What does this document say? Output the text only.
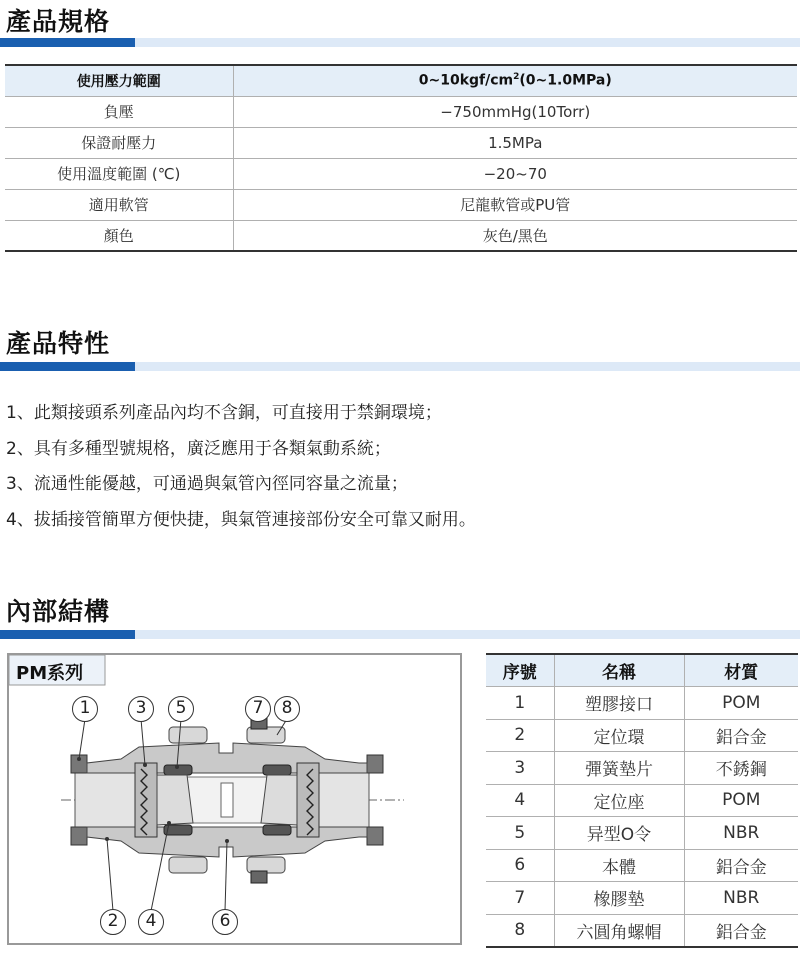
產品規格
使用壓力範圍	$0\sim 10kgf/cm^2(0\sim 1.0MPa)$
負壓	−750mmHg(10Torr)
保證耐壓力	1.5MPa
使用溫度範圍 (℃)	−20~70
適用軟管	尼龍軟管或PU管
顏色	灰色/黑色
產品特性
1、此類接頭系列產品內均不含銅，可直接用于禁銅環境；
2、具有多種型號規格，廣泛應用于各類氣動系統；
3、流通性能優越，可通過與氣管內徑同容量之流量；
4、拔插接管簡單方便快捷，與氣管連接部份安全可靠又耐用。
內部結構
PM系列
1	3	5	7	8
2	4	6
序號	名稱	材質
1	塑膠接口	POM
2	定位環	鋁合金
3	彈簧墊片	不銹鋼
4	定位座	POM
5	异型O令	NBR
6	本體	鋁合金
7	橡膠墊	NBR
8	六圓角螺帽	鋁合金
